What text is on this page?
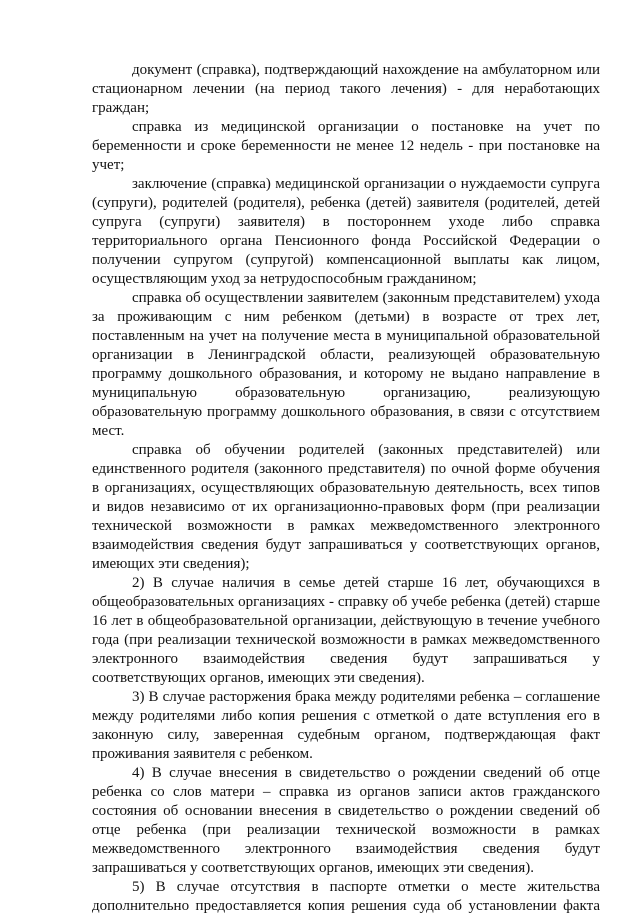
документ (справка), подтверждающий нахождение на амбулаторном или стационарном лечении (на период такого лечения) - для неработающих граждан;

справка из медицинской организации о постановке на учет по беременности и сроке беременности не менее 12 недель - при постановке на учет;

заключение (справка) медицинской организации о нуждаемости супруга (супруги), родителей (родителя), ребенка (детей) заявителя (родителей, детей супруга (супруги) заявителя) в постороннем уходе либо справка территориального органа Пенсионного фонда Российской Федерации о получении супругом (супругой) компенсационной выплаты как лицом, осуществляющим уход за нетрудоспособным гражданином;

справка об осуществлении заявителем (законным представителем) ухода за проживающим с ним ребенком (детьми) в возрасте от трех лет, поставленным на учет на получение места в муниципальной образовательной организации в Ленинградской области, реализующей образовательную программу дошкольного образования, и которому не выдано направление в муниципальную образовательную организацию, реализующую образовательную программу дошкольного образования, в связи с отсутствием мест.

справка об обучении родителей (законных представителей) или единственного родителя (законного представителя) по очной форме обучения в организациях, осуществляющих образовательную деятельность, всех типов и видов независимо от их организационно-правовых форм (при реализации технической возможности в рамках межведомственного электронного взаимодействия сведения будут запрашиваться у соответствующих органов, имеющих эти сведения);

2) В случае наличия в семье детей старше 16 лет, обучающихся в общеобразовательных организациях - справку об учебе ребенка (детей) старше 16 лет в общеобразовательной организации, действующую в течение учебного года (при реализации технической возможности в рамках межведомственного электронного взаимодействия сведения будут запрашиваться у соответствующих органов, имеющих эти сведения).

3) В случае расторжения брака между родителями ребенка – соглашение между родителями либо копия решения с отметкой о дате вступления его в законную силу, заверенная судебным органом, подтверждающая факт проживания заявителя с ребенком.

4) В случае внесения в свидетельство о рождении сведений об отце ребенка со слов матери – справка из органов записи актов гражданского состояния об основании внесения в свидетельство о рождении сведений об отце ребенка (при реализации технической возможности в рамках межведомственного электронного взаимодействия сведения будут запрашиваться у соответствующих органов, имеющих эти сведения).

5) В случае отсутствия в паспорте отметки о месте жительства дополнительно предоставляется копия решения суда об установлении факта
